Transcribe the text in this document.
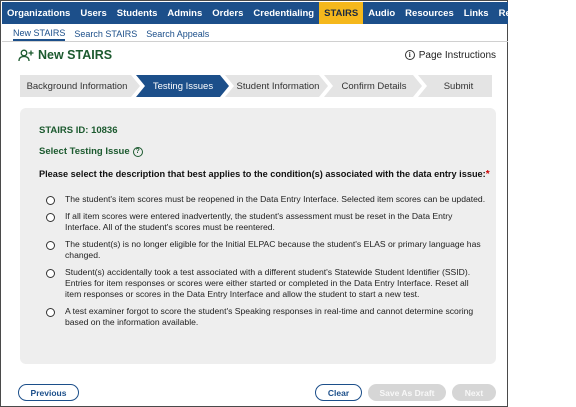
Organizations	Users	Students	Admins	Orders	Credentialing	STAIRS	Audio	Resources	Links	Reports	CARS
New STAIRS Search STAIRS Search Appeals
New STAIRS	i Page Instructions
Background Information	Testing Issues	Student Information	Confirm Details	Submit
STAIRS ID: 10836
Select Testing Issue ?
Please select the description that best applies to the condition(s) associated with the data entry issue:*
The student's item scores must be reopened in the Data Entry Interface. Selected item scores can be updated.
If all item scores were entered inadvertently, the student's assessment must be reset in the Data Entry Interface. All of the student's scores must be reentered.
The student(s) is no longer eligible for the Initial ELPAC because the student's ELAS or primary language has changed.
Student(s) accidentally took a test associated with a different student's Statewide Student Identifier (SSID). Entries for item responses or scores were either started or completed in the Data Entry Interface. Reset all item responses or scores in the Data Entry Interface and allow the student to start a new test.
A test examiner forgot to score the student's Speaking responses in real-time and cannot determine scoring based on the information available.
Previous	Clear	Save As Draft	Next
